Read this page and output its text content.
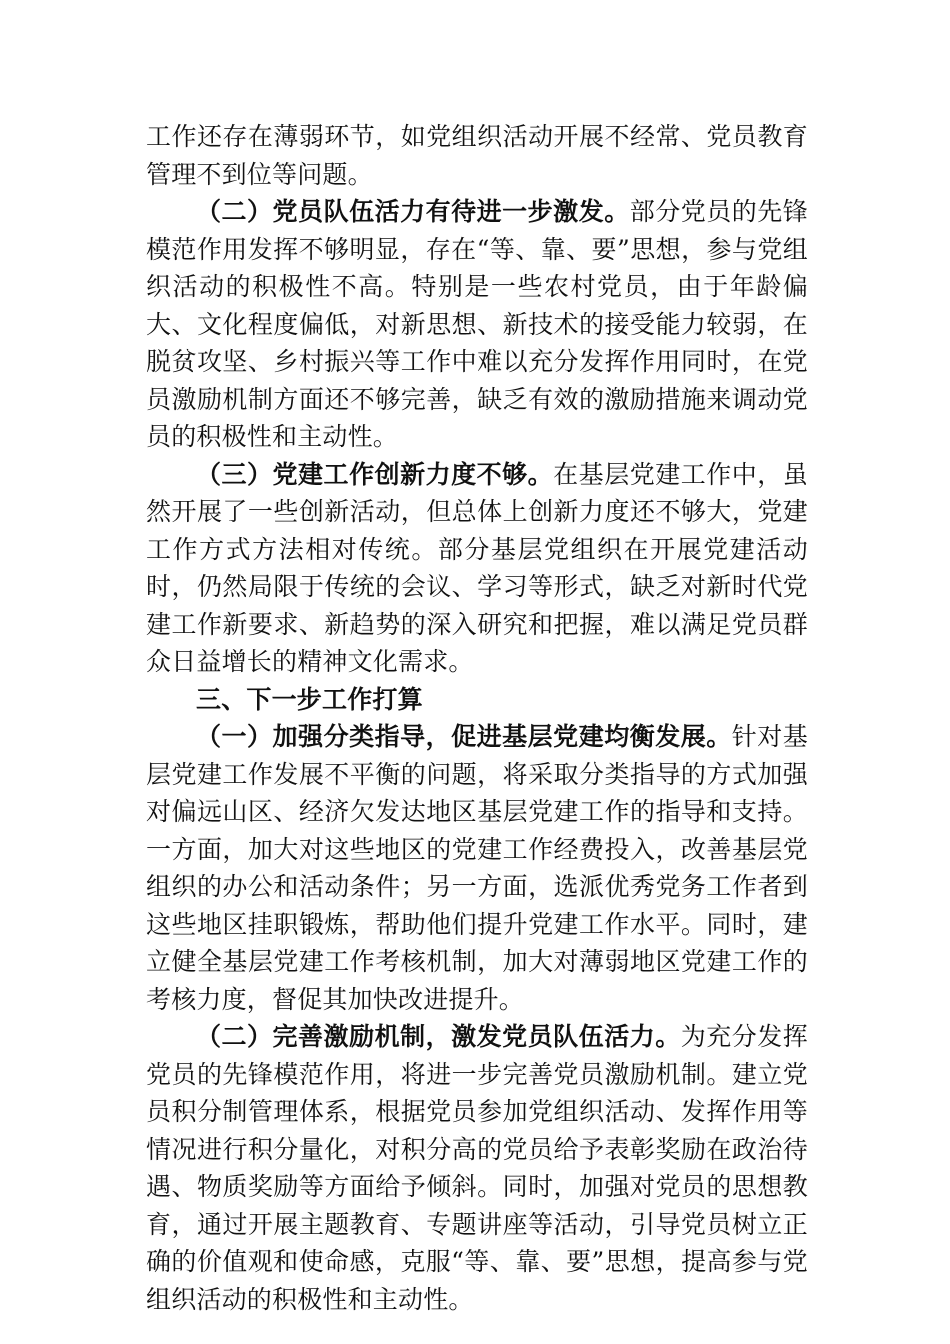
工作还存在薄弱环节，如党组织活动开展不经常、党员教育管理不到位等问题。

（二）党员队伍活力有待进一步激发。部分党员的先锋模范作用发挥不够明显，存在“等、靠、要”思想，参与党组织活动的积极性不高。特别是一些农村党员，由于年龄偏大、文化程度偏低，对新思想、新技术的接受能力较弱，在脱贫攻坚、乡村振兴等工作中难以充分发挥作用同时，在党员激励机制方面还不够完善，缺乏有效的激励措施来调动党员的积极性和主动性。

（三）党建工作创新力度不够。在基层党建工作中，虽然开展了一些创新活动，但总体上创新力度还不够大，党建工作方式方法相对传统。部分基层党组织在开展党建活动时，仍然局限于传统的会议、学习等形式，缺乏对新时代党建工作新要求、新趋势的深入研究和把握，难以满足党员群众日益增长的精神文化需求。

三、下一步工作打算

（一）加强分类指导，促进基层党建均衡发展。针对基层党建工作发展不平衡的问题，将采取分类指导的方式加强对偏远山区、经济欠发达地区基层党建工作的指导和支持。一方面，加大对这些地区的党建工作经费投入，改善基层党组织的办公和活动条件；另一方面，选派优秀党务工作者到这些地区挂职锻炼，帮助他们提升党建工作水平。同时，建立健全基层党建工作考核机制，加大对薄弱地区党建工作的考核力度，督促其加快改进提升。

（二）完善激励机制，激发党员队伍活力。为充分发挥党员的先锋模范作用，将进一步完善党员激励机制。建立党员积分制管理体系，根据党员参加党组织活动、发挥作用等情况进行积分量化，对积分高的党员给予表彰奖励在政治待遇、物质奖励等方面给予倾斜。同时，加强对党员的思想教育，通过开展主题教育、专题讲座等活动，引导党员树立正确的价值观和使命感，克服“等、靠、要”思想，提高参与党组织活动的积极性和主动性。
